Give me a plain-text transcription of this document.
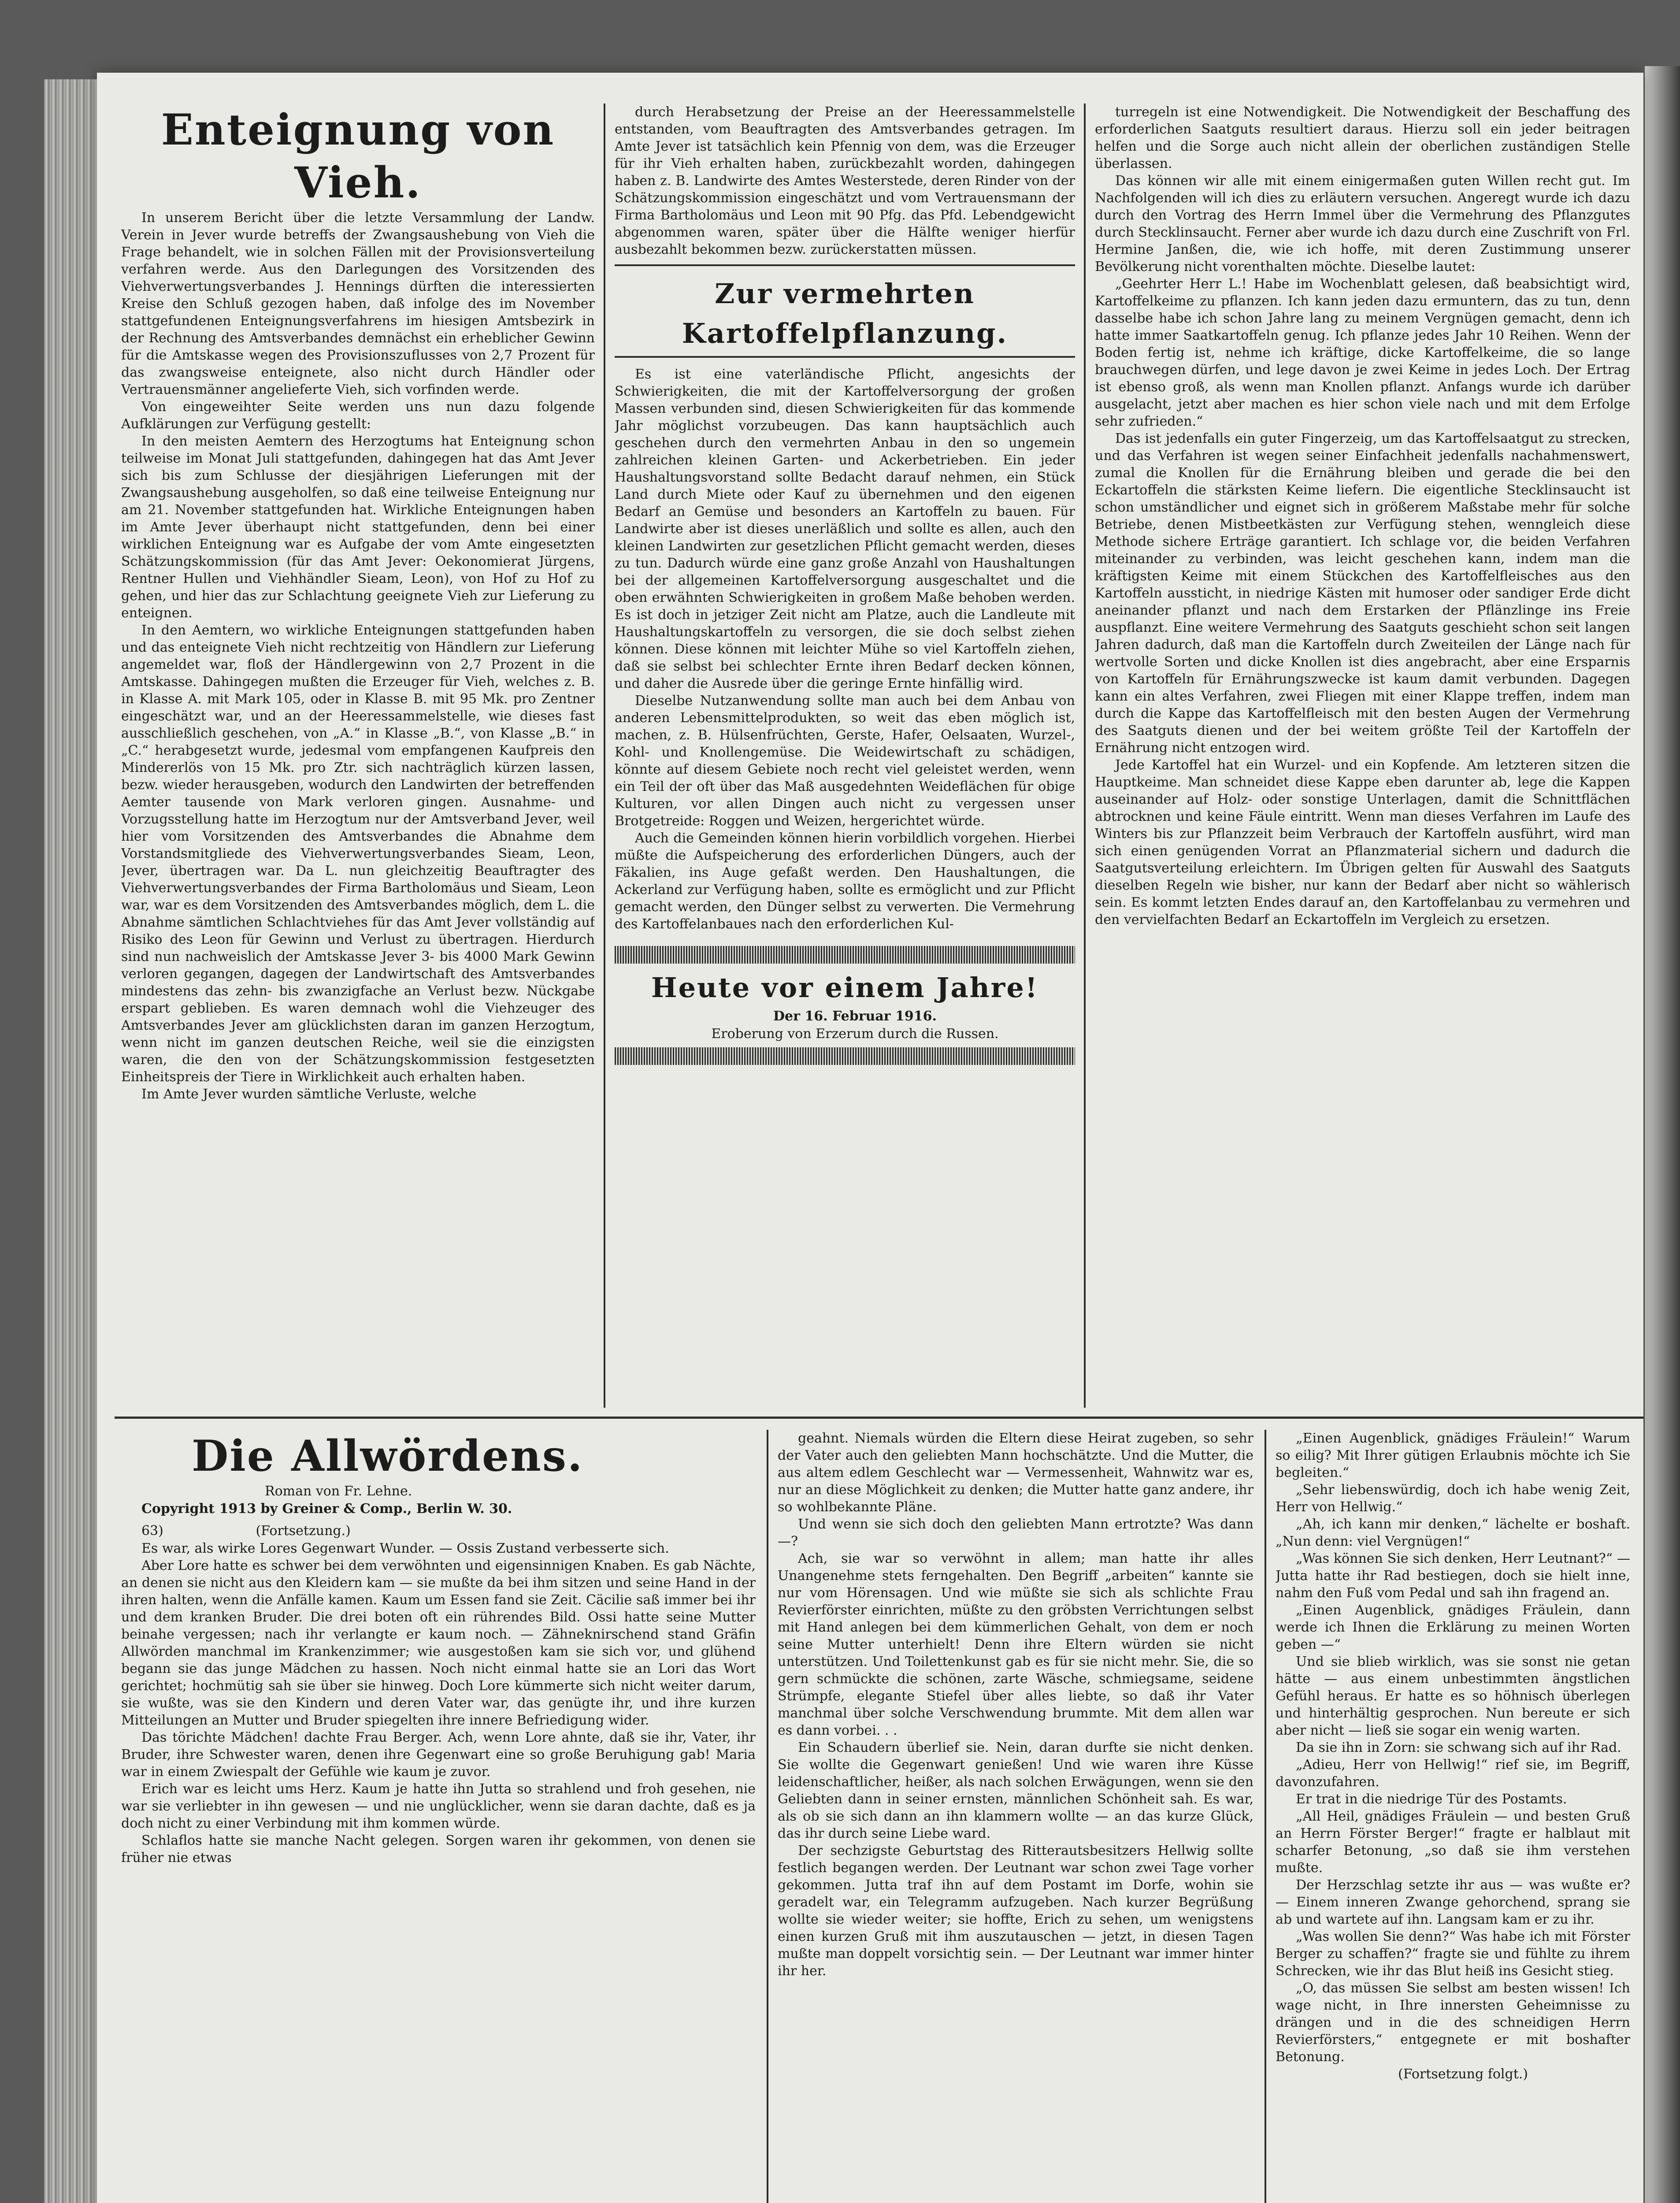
Enteignung von Vieh.

In unserem Bericht über die letzte Versammlung der Landw. Verein in Jever wurde betreffs der Zwangsaushebung von Vieh die Frage behandelt, wie in solchen Fällen mit der Provisionsverteilung verfahren werde. Aus den Darlegungen des Vorsitzenden des Viehverwertungsverbandes J. Hennings dürften die interessierten Kreise den Schluß gezogen haben, daß infolge des im November stattgefundenen Enteignungsverfahrens im hiesigen Amtsbezirk in der Rechnung des Amtsverbandes demnächst ein erheblicher Gewinn für die Amtskasse wegen des Provisionszuflusses von 2,7 Prozent für das zwangsweise enteignete, also nicht durch Händler oder Vertrauensmänner angelieferte Vieh, sich vorfinden werde.

Von eingeweihter Seite werden uns nun dazu folgende Aufklärungen zur Verfügung gestellt:

In den meisten Aemtern des Herzogtums hat Enteignung schon teilweise im Monat Juli stattgefunden, dahingegen hat das Amt Jever sich bis zum Schlusse der diesjährigen Lieferungen mit der Zwangsaushebung ausgeholfen, so daß eine teilweise Enteignung nur am 21. November stattgefunden hat. Wirkliche Enteignungen haben im Amte Jever überhaupt nicht stattgefunden, denn bei einer wirklichen Enteignung war es Aufgabe der vom Amte eingesetzten Schätzungskommission (für das Amt Jever: Oekonomierat Jürgens, Rentner Hullen und Viehhändler Sieam, Leon), von Hof zu Hof zu gehen, und hier das zur Schlachtung geeignete Vieh zur Lieferung zu enteignen.

In den Aemtern, wo wirkliche Enteignungen stattgefunden haben und das enteignete Vieh nicht rechtzeitig von Händlern zur Lieferung angemeldet war, floß der Händlergewinn von 2,7 Prozent in die Amtskasse. Dahingegen mußten die Erzeuger für Vieh, welches z. B. in Klasse A. mit Mark 105, oder in Klasse B. mit 95 Mk. pro Zentner eingeschätzt war, und an der Heeressammelstelle, wie dieses fast ausschließlich geschehen, von „A.“ in Klasse „B.“, von Klasse „B.“ in „C.“ herabgesetzt wurde, jedesmal vom empfangenen Kaufpreis den Mindererlös von 15 Mk. pro Ztr. sich nachträglich kürzen lassen, bezw. wieder herausgeben, wodurch den Landwirten der betreffenden Aemter tausende von Mark verloren gingen. Ausnahme- und Vorzugsstellung hatte im Herzogtum nur der Amtsverband Jever, weil hier vom Vorsitzenden des Amtsverbandes die Abnahme dem Vorstandsmitgliede des Viehverwertungsverbandes Sieam, Leon, Jever, übertragen war. Da L. nun gleichzeitig Beauftragter des Viehverwertungsverbandes der Firma Bartholomäus und Sieam, Leon war, war es dem Vorsitzenden des Amtsverbandes möglich, dem L. die Abnahme sämtlichen Schlachtviehes für das Amt Jever vollständig auf Risiko des Leon für Gewinn und Verlust zu übertragen. Hierdurch sind nun nachweislich der Amtskasse Jever 3- bis 4000 Mark Gewinn verloren gegangen, dagegen der Landwirtschaft des Amtsverbandes mindestens das zehn- bis zwanzigfache an Verlust bezw. Nückgabe erspart geblieben. Es waren demnach wohl die Viehzeuger des Amtsverbandes Jever am glücklichsten daran im ganzen Herzogtum, wenn nicht im ganzen deutschen Reiche, weil sie die einzigsten waren, die den von der Schätzungskommission festgesetzten Einheitspreis der Tiere in Wirklichkeit auch erhalten haben.

Im Amte Jever wurden sämtliche Verluste, welche

durch Herabsetzung der Preise an der Heeressammelstelle entstanden, vom Beauftragten des Amtsverbandes getragen. Im Amte Jever ist tatsächlich kein Pfennig von dem, was die Erzeuger für ihr Vieh erhalten haben, zurückbezahlt worden, dahingegen haben z. B. Landwirte des Amtes Westerstede, deren Rinder von der Schätzungskommission eingeschätzt und vom Vertrauensmann der Firma Bartholomäus und Leon mit 90 Pfg. das Pfd. Lebendgewicht abgenommen waren, später über die Hälfte weniger hierfür ausbezahlt bekommen bezw. zurückerstatten müssen.

Zur vermehrten Kartoffelpflanzung.

Es ist eine vaterländische Pflicht, angesichts der Schwierigkeiten, die mit der Kartoffelversorgung der großen Massen verbunden sind, diesen Schwierigkeiten für das kommende Jahr möglichst vorzubeugen. Das kann hauptsächlich auch geschehen durch den vermehrten Anbau in den so ungemein zahlreichen kleinen Garten- und Ackerbetrieben. Ein jeder Haushaltungsvorstand sollte Bedacht darauf nehmen, ein Stück Land durch Miete oder Kauf zu übernehmen und den eigenen Bedarf an Gemüse und besonders an Kartoffeln zu bauen. Für Landwirte aber ist dieses unerläßlich und sollte es allen, auch den kleinen Landwirten zur gesetzlichen Pflicht gemacht werden, dieses zu tun. Dadurch würde eine ganz große Anzahl von Haushaltungen bei der allgemeinen Kartoffelversorgung ausgeschaltet und die oben erwähnten Schwierigkeiten in großem Maße behoben werden. Es ist doch in jetziger Zeit nicht am Platze, auch die Landleute mit Haushaltungskartoffeln zu versorgen, die sie doch selbst ziehen können. Diese können mit leichter Mühe so viel Kartoffeln ziehen, daß sie selbst bei schlechter Ernte ihren Bedarf decken können, und daher die Ausrede über die geringe Ernte hinfällig wird.

Dieselbe Nutzanwendung sollte man auch bei dem Anbau von anderen Lebensmittelprodukten, so weit das eben möglich ist, machen, z. B. Hülsenfrüchten, Gerste, Hafer, Oelsaaten, Wurzel-, Kohl- und Knollengemüse. Die Weidewirtschaft zu schädigen, könnte auf diesem Gebiete noch recht viel geleistet werden, wenn ein Teil der oft über das Maß ausgedehnten Weideflächen für obige Kulturen, vor allen Dingen auch nicht zu vergessen unser Brotgetreide: Roggen und Weizen, hergerichtet würde.

Auch die Gemeinden können hierin vorbildlich vorgehen. Hierbei müßte die Aufspeicherung des erforderlichen Düngers, auch der Fäkalien, ins Auge gefaßt werden. Den Haushaltungen, die Ackerland zur Verfügung haben, sollte es ermöglicht und zur Pflicht gemacht werden, den Dünger selbst zu verwerten. Die Vermehrung des Kartoffelanbaues nach den erforderlichen Kul-

Heute vor einem Jahre!

Der 16. Februar 1916.

Eroberung von Erzerum durch die Russen.

turregeln ist eine Notwendigkeit. Die Notwendigkeit der Beschaffung des erforderlichen Saatguts resultiert daraus. Hierzu soll ein jeder beitragen helfen und die Sorge auch nicht allein der oberlichen zuständigen Stelle überlassen.

Das können wir alle mit einem einigermaßen guten Willen recht gut. Im Nachfolgenden will ich dies zu erläutern versuchen. Angeregt wurde ich dazu durch den Vortrag des Herrn Immel über die Vermehrung des Pflanzgutes durch Stecklinsaucht. Ferner aber wurde ich dazu durch eine Zuschrift von Frl. Hermine Janßen, die, wie ich hoffe, mit deren Zustimmung unserer Bevölkerung nicht vorenthalten möchte. Dieselbe lautet:

„Geehrter Herr L.! Habe im Wochenblatt gelesen, daß beabsichtigt wird, Kartoffelkeime zu pflanzen. Ich kann jeden dazu ermuntern, das zu tun, denn dasselbe habe ich schon Jahre lang zu meinem Vergnügen gemacht, denn ich hatte immer Saatkartoffeln genug. Ich pflanze jedes Jahr 10 Reihen. Wenn der Boden fertig ist, nehme ich kräftige, dicke Kartoffelkeime, die so lange brauchwegen dürfen, und lege davon je zwei Keime in jedes Loch. Der Ertrag ist ebenso groß, als wenn man Knollen pflanzt. Anfangs wurde ich darüber ausgelacht, jetzt aber machen es hier schon viele nach und mit dem Erfolge sehr zufrieden.“

Das ist jedenfalls ein guter Fingerzeig, um das Kartoffelsaatgut zu strecken, und das Verfahren ist wegen seiner Einfachheit jedenfalls nachahmenswert, zumal die Knollen für die Ernährung bleiben und gerade die bei den Eckartoffeln die stärksten Keime liefern. Die eigentliche Stecklinsaucht ist schon umständlicher und eignet sich in größerem Maßstabe mehr für solche Betriebe, denen Mistbeetkästen zur Verfügung stehen, wenngleich diese Methode sichere Erträge garantiert. Ich schlage vor, die beiden Verfahren miteinander zu verbinden, was leicht geschehen kann, indem man die kräftigsten Keime mit einem Stückchen des Kartoffelfleisches aus den Kartoffeln aussticht, in niedrige Kästen mit humoser oder sandiger Erde dicht aneinander pflanzt und nach dem Erstarken der Pflänzlinge ins Freie auspflanzt. Eine weitere Vermehrung des Saatguts geschieht schon seit langen Jahren dadurch, daß man die Kartoffeln durch Zweiteilen der Länge nach für wertvolle Sorten und dicke Knollen ist dies angebracht, aber eine Ersparnis von Kartoffeln für Ernährungszwecke ist kaum damit verbunden. Dagegen kann ein altes Verfahren, zwei Fliegen mit einer Klappe treffen, indem man durch die Kappe das Kartoffelfleisch mit den besten Augen der Vermehrung des Saatguts dienen und der bei weitem größte Teil der Kartoffeln der Ernährung nicht entzogen wird.

Jede Kartoffel hat ein Wurzel- und ein Kopfende. Am letzteren sitzen die Hauptkeime. Man schneidet diese Kappe eben darunter ab, lege die Kappen auseinander auf Holz- oder sonstige Unterlagen, damit die Schnittflächen abtrocknen und keine Fäule eintritt. Wenn man dieses Verfahren im Laufe des Winters bis zur Pflanzzeit beim Verbrauch der Kartoffeln ausführt, wird man sich einen genügenden Vorrat an Pflanzmaterial sichern und dadurch die Saatgutsverteilung erleichtern. Im Übrigen gelten für Auswahl des Saatguts dieselben Regeln wie bisher, nur kann der Bedarf aber nicht so wählerisch sein. Es kommt letzten Endes darauf an, den Kartoffelanbau zu vermehren und den vervielfachten Bedarf an Eckartoffeln im Vergleich zu ersetzen.

Die Allwördens.

Roman von Fr. Lehne.

Copyright 1913 by Greiner & Comp., Berlin W. 30.

63)	(Fortsetzung.)

Es war, als wirke Lores Gegenwart Wunder. — Ossis Zustand verbesserte sich.

Aber Lore hatte es schwer bei dem verwöhnten und eigensinnigen Knaben. Es gab Nächte, an denen sie nicht aus den Kleidern kam — sie mußte da bei ihm sitzen und seine Hand in der ihren halten, wenn die Anfälle kamen. Kaum um Essen fand sie Zeit. Cäcilie saß immer bei ihr und dem kranken Bruder. Die drei boten oft ein rührendes Bild. Ossi hatte seine Mutter beinahe vergessen; nach ihr verlangte er kaum noch. — Zähneknirschend stand Gräfin Allwörden manchmal im Krankenzimmer; wie ausgestoßen kam sie sich vor, und glühend begann sie das junge Mädchen zu hassen. Noch nicht einmal hatte sie an Lori das Wort gerichtet; hochmütig sah sie über sie hinweg. Doch Lore kümmerte sich nicht weiter darum, sie wußte, was sie den Kindern und deren Vater war, das genügte ihr, und ihre kurzen Mitteilungen an Mutter und Bruder spiegelten ihre innere Befriedigung wider.

Das törichte Mädchen! dachte Frau Berger. Ach, wenn Lore ahnte, daß sie ihr, Vater, ihr Bruder, ihre Schwester waren, denen ihre Gegenwart eine so große Beruhigung gab! Maria war in einem Zwiespalt der Gefühle wie kaum je zuvor.

Erich war es leicht ums Herz. Kaum je hatte ihn Jutta so strahlend und froh gesehen, nie war sie verliebter in ihn gewesen — und nie unglücklicher, wenn sie daran dachte, daß es ja doch nicht zu einer Verbindung mit ihm kommen würde.

Schlaflos hatte sie manche Nacht gelegen. Sorgen waren ihr gekommen, von denen sie früher nie etwas

geahnt. Niemals würden die Eltern diese Heirat zugeben, so sehr der Vater auch den geliebten Mann hochschätzte. Und die Mutter, die aus altem edlem Geschlecht war — Vermessenheit, Wahnwitz war es, nur an diese Möglichkeit zu denken; die Mutter hatte ganz andere, ihr so wohlbekannte Pläne.

Und wenn sie sich doch den geliebten Mann ertrotzte? Was dann —?

Ach, sie war so verwöhnt in allem; man hatte ihr alles Unangenehme stets ferngehalten. Den Begriff „arbeiten“ kannte sie nur vom Hörensagen. Und wie müßte sie sich als schlichte Frau Revierförster einrichten, müßte zu den gröbsten Verrichtungen selbst mit Hand anlegen bei dem kümmerlichen Gehalt, von dem er noch seine Mutter unterhielt! Denn ihre Eltern würden sie nicht unterstützen. Und Toilettenkunst gab es für sie nicht mehr. Sie, die so gern schmückte die schönen, zarte Wäsche, schmiegsame, seidene Strümpfe, elegante Stiefel über alles liebte, so daß ihr Vater manchmal über solche Verschwendung brummte. Mit dem allen war es dann vorbei. . .

Ein Schaudern überlief sie. Nein, daran durfte sie nicht denken. Sie wollte die Gegenwart genießen! Und wie waren ihre Küsse leidenschaftlicher, heißer, als nach solchen Erwägungen, wenn sie den Geliebten dann in seiner ernsten, männlichen Schönheit sah. Es war, als ob sie sich dann an ihn klammern wollte — an das kurze Glück, das ihr durch seine Liebe ward.

Der sechzigste Geburtstag des Ritterautsbesitzers Hellwig sollte festlich begangen werden. Der Leutnant war schon zwei Tage vorher gekommen. Jutta traf ihn auf dem Postamt im Dorfe, wohin sie geradelt war, ein Telegramm aufzugeben. Nach kurzer Begrüßung wollte sie wieder weiter; sie hoffte, Erich zu sehen, um wenigstens einen kurzen Gruß mit ihm auszutauschen — jetzt, in diesen Tagen mußte man doppelt vorsichtig sein. — Der Leutnant war immer hinter ihr her.

„Einen Augenblick, gnädiges Fräulein!“ Warum so eilig? Mit Ihrer gütigen Erlaubnis möchte ich Sie begleiten.“

„Sehr liebenswürdig, doch ich habe wenig Zeit, Herr von Hellwig.“

„Ah, ich kann mir denken,“ lächelte er boshaft. „Nun denn: viel Vergnügen!“

„Was können Sie sich denken, Herr Leutnant?“ — Jutta hatte ihr Rad bestiegen, doch sie hielt inne, nahm den Fuß vom Pedal und sah ihn fragend an.

„Einen Augenblick, gnädiges Fräulein, dann werde ich Ihnen die Erklärung zu meinen Worten geben —“

Und sie blieb wirklich, was sie sonst nie getan hätte — aus einem unbestimmten ängstlichen Gefühl heraus. Er hatte es so höhnisch überlegen und hinterhältig gesprochen. Nun bereute er sich aber nicht — ließ sie sogar ein wenig warten.

Da sie ihn in Zorn: sie schwang sich auf ihr Rad.

„Adieu, Herr von Hellwig!“ rief sie, im Begriff, davonzufahren.

Er trat in die niedrige Tür des Postamts.

„All Heil, gnädiges Fräulein — und besten Gruß an Herrn Förster Berger!“ fragte er halblaut mit scharfer Betonung, „so daß sie ihm verstehen mußte.

Der Herzschlag setzte ihr aus — was wußte er? — Einem inneren Zwange gehorchend, sprang sie ab und wartete auf ihn. Langsam kam er zu ihr.

„Was wollen Sie denn?“ Was habe ich mit Förster Berger zu schaffen?“ fragte sie und fühlte zu ihrem Schrecken, wie ihr das Blut heiß ins Gesicht stieg.

„O, das müssen Sie selbst am besten wissen! Ich wage nicht, in Ihre innersten Geheimnisse zu drängen und in die des schneidigen Herrn Revierförsters,“ entgegnete er mit boshafter Betonung.

(Fortsetzung folgt.)
